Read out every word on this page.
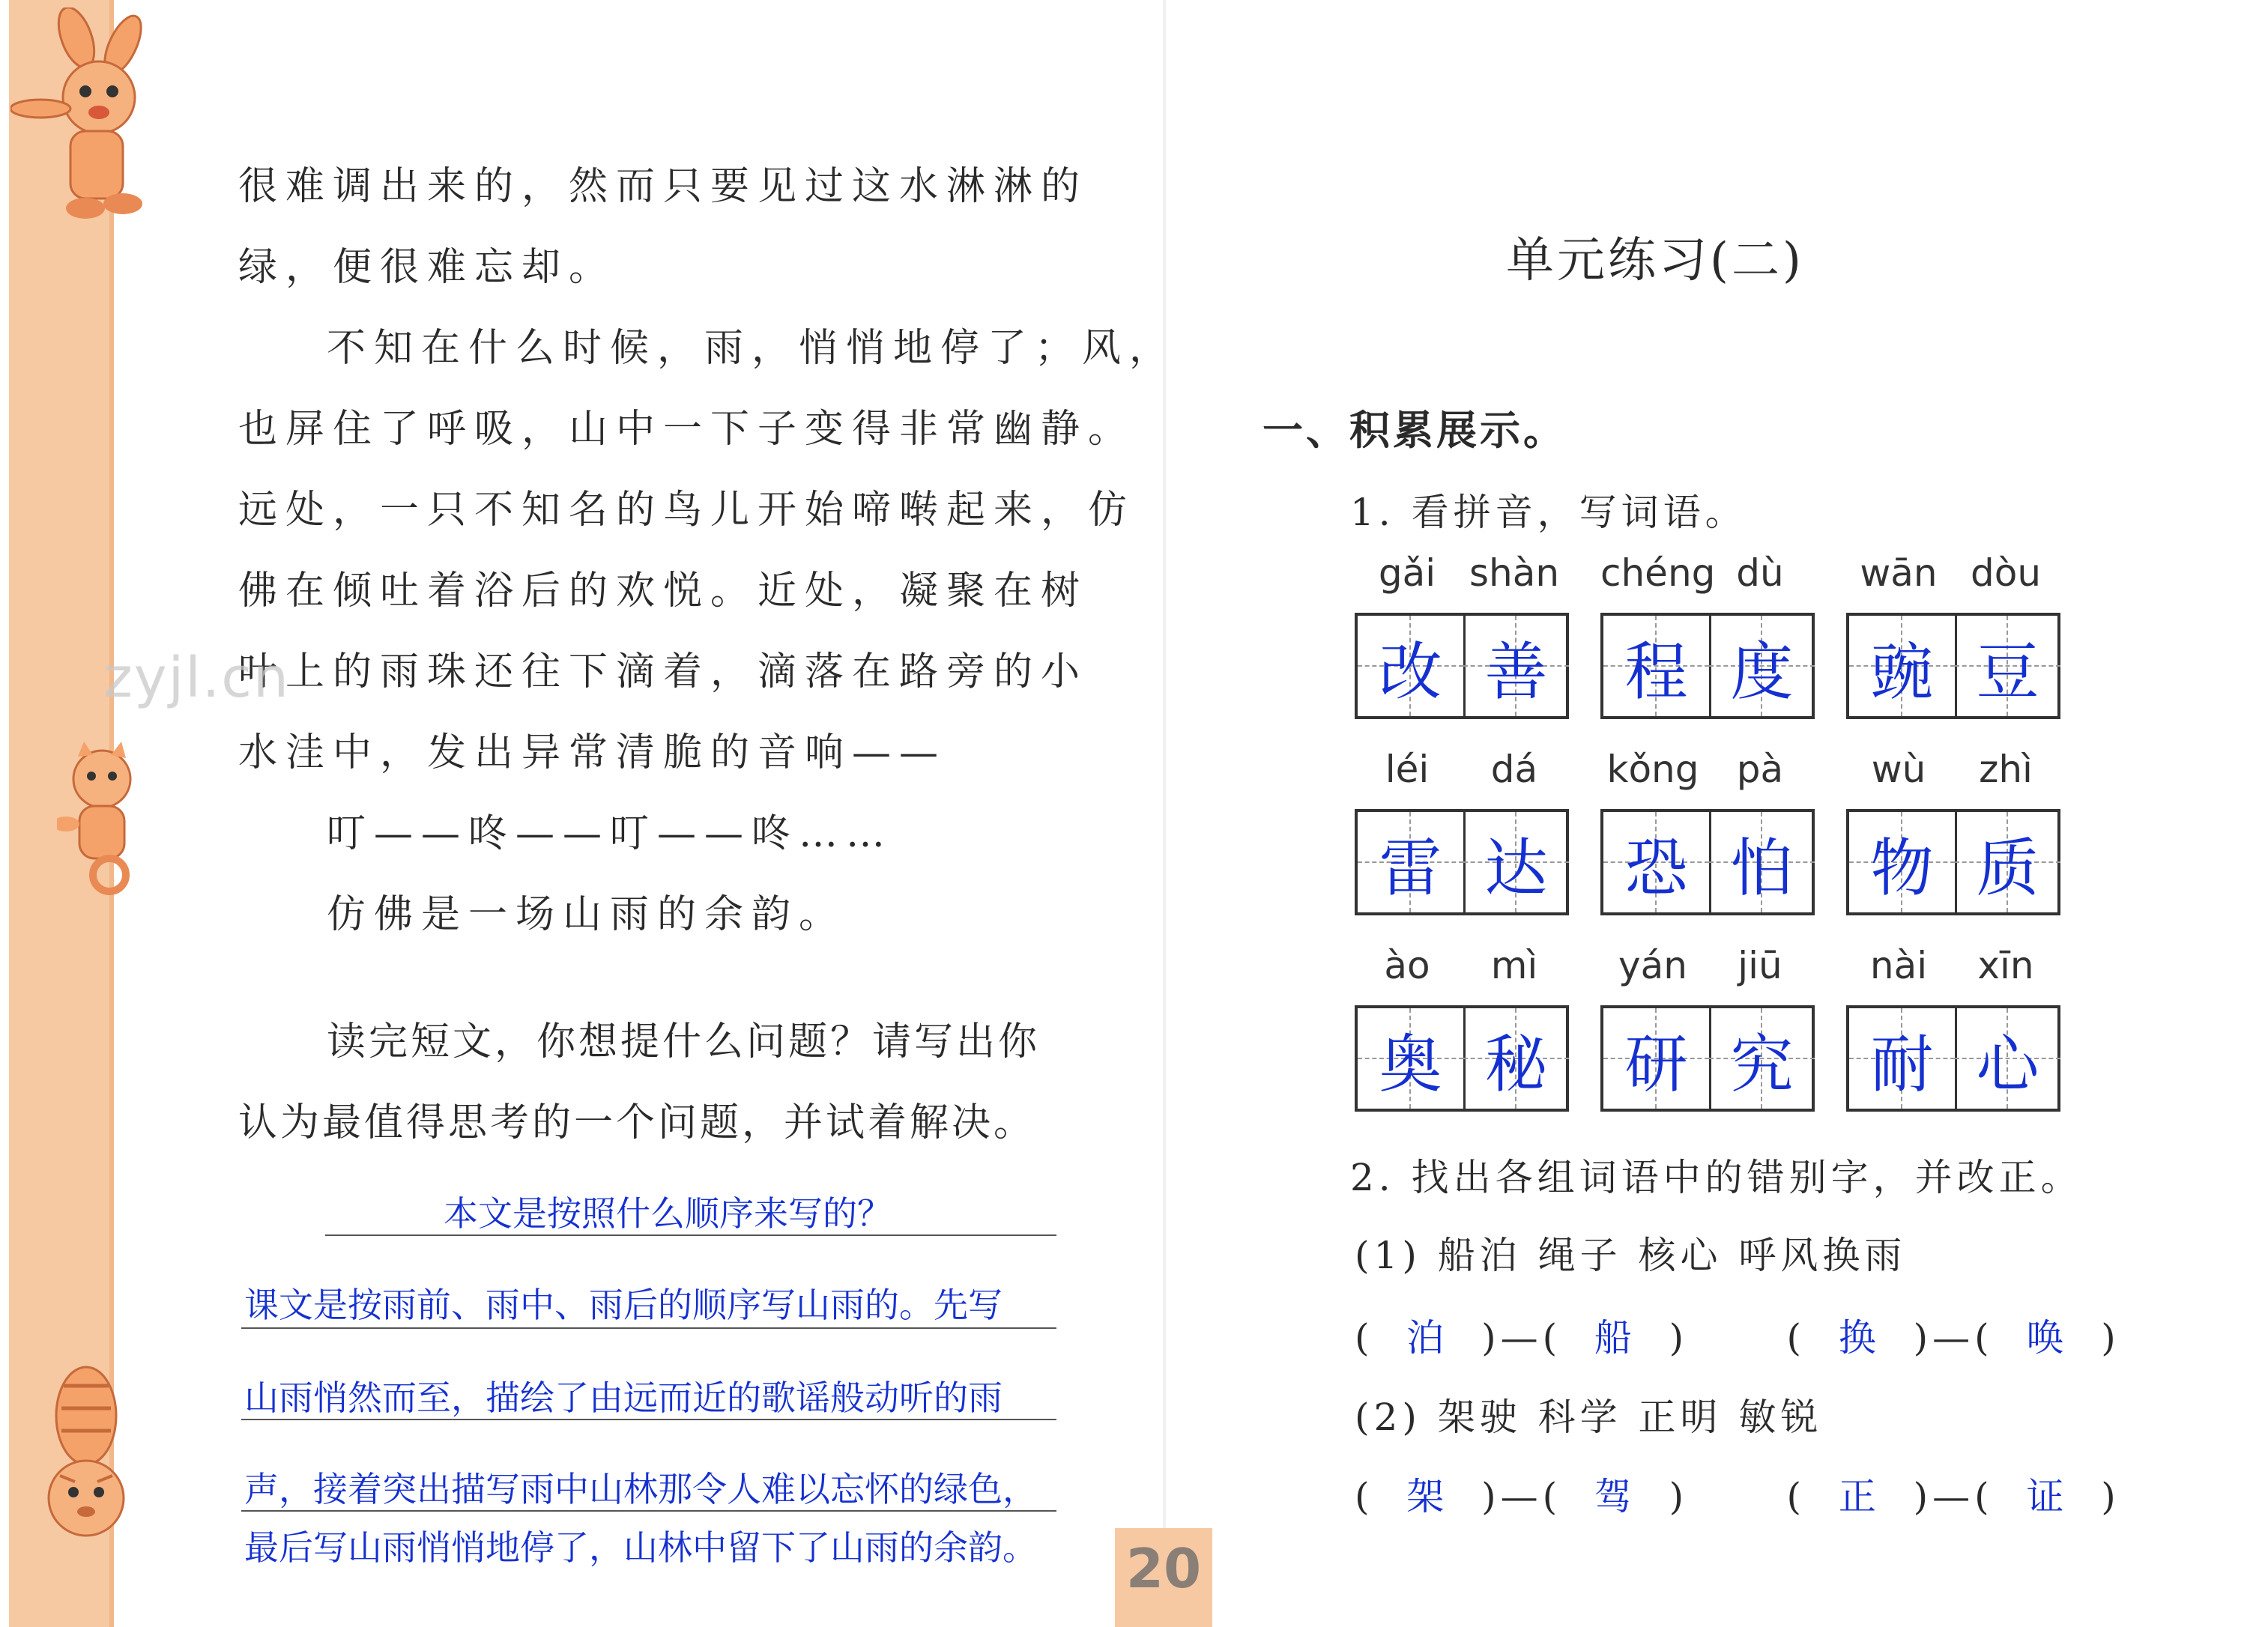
很难调出来的，然而只要见过这水淋淋的
绿，便很难忘却。
不知在什么时候，雨，悄悄地停了；风，
也屏住了呼吸，山中一下子变得非常幽静。
远处，一只不知名的鸟儿开始啼啭起来，仿
佛在倾吐着浴后的欢悦。近处，凝聚在树
叶上的雨珠还往下滴着，滴落在路旁的小
水洼中，发出异常清脆的音响——
叮——咚——叮——咚……
仿佛是一场山雨的余韵。
zyjl.cn
读完短文，你想提什么问题？请写出你
认为最值得思考的一个问题，并试着解决。
本文是按照什么顺序来写的？
课文是按雨前、雨中、雨后的顺序写山雨的。先写
山雨悄然而至，描绘了由远而近的歌谣般动听的雨
声，接着突出描写雨中山林那令人难以忘怀的绿色，
最后写山雨悄悄地停了，山林中留下了山雨的余韵。 20
单元练习(二)
一、积累展示。
1. 看拼音，写词语。
gǎi shàn
改 善
chéng dù
程 度
wān dòu
豌 豆
léi	dá
雷 达
kǒng	pà
恐 怕
wù	zhì
物 质
ào	mì
奥 秘
yán	jiū
研 究
nài	xīn
耐 心
2. 找出各组词语中的错别字，并改正。
(1) 船泊 绳子 核心 呼风换雨
(  泊  )—(  船  )      (  换  )—(  唤  )
(2) 架驶 科学 正明 敏锐
(  架  )—(  驾  )      (  正  )—(  证  )
